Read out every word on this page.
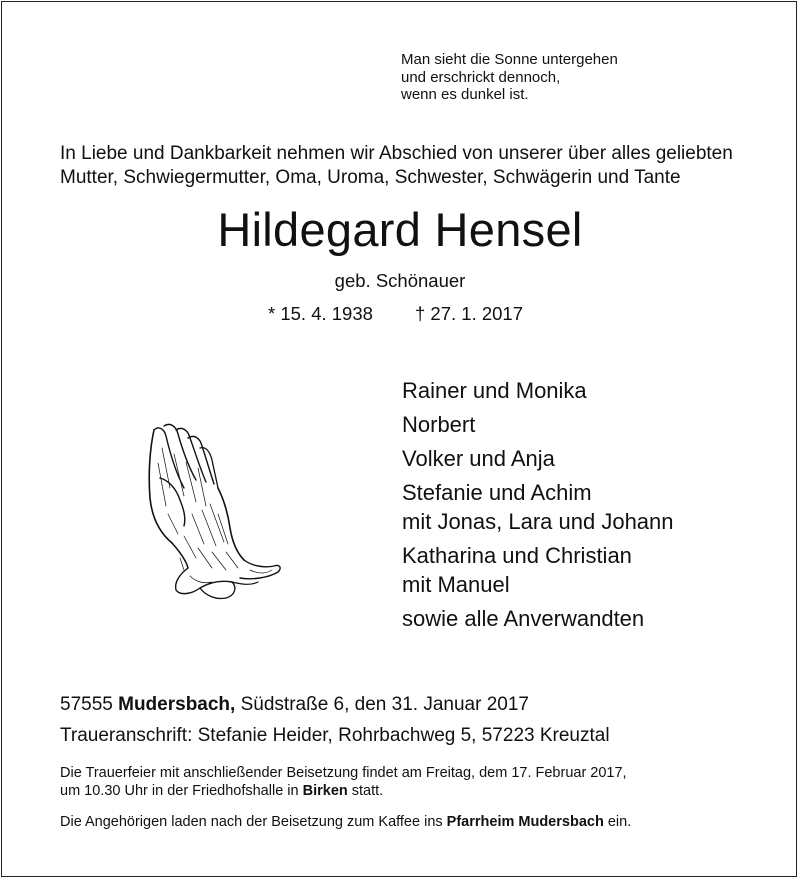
Man sieht die Sonne untergehen
und erschrickt dennoch,
wenn es dunkel ist.
In Liebe und Dankbarkeit nehmen wir Abschied von unserer über alles geliebten
Mutter, Schwiegermutter, Oma, Uroma, Schwester, Schwägerin und Tante
Hildegard Hensel
geb. Schönauer
* 15. 4. 1938 † 27. 1. 2017
Rainer und Monika
Norbert
Volker und Anja
Stefanie und Achim
mit Jonas, Lara und Johann
Katharina und Christian
mit Manuel
sowie alle Anverwandten
57555 Mudersbach, Südstraße 6, den 31. Januar 2017
Traueranschrift: Stefanie Heider, Rohrbachweg 5, 57223 Kreuztal
Die Trauerfeier mit anschließender Beisetzung findet am Freitag, dem 17. Februar 2017,
um 10.30 Uhr in der Friedhofshalle in Birken statt.
Die Angehörigen laden nach der Beisetzung zum Kaffee ins Pfarrheim Mudersbach ein.
